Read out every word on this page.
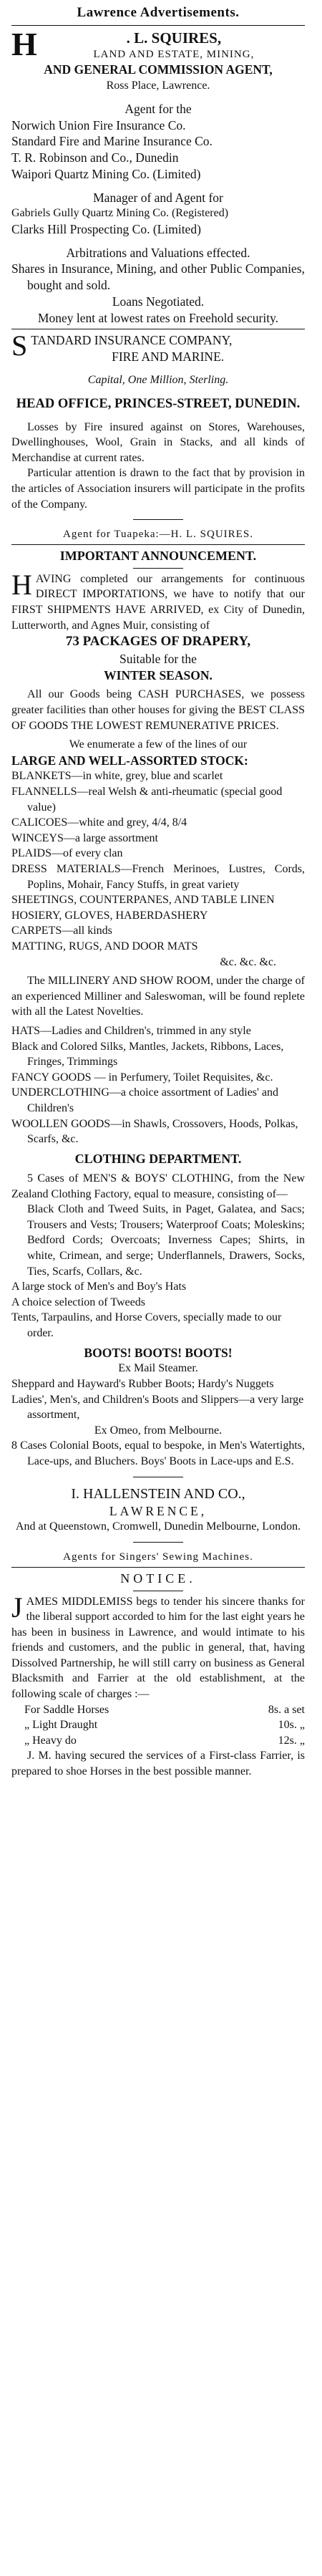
Lawrence Advertisements.
H	. L. SQUIRES,
LAND AND ESTATE, MINING,
AND GENERAL COMMISSION AGENT,
Ross Place, Lawrence.
Agent for the
Norwich Union Fire Insurance Co.
Standard Fire and Marine Insurance Co.
T. R. Robinson and Co., Dunedin
Waipori Quartz Mining Co. (Limited)
Manager of and Agent for
Gabriels Gully Quartz Mining Co. (Registered)
Clarks Hill Prospecting Co. (Limited)
Arbitrations and Valuations effected.
Shares in Insurance, Mining, and other Public Companies, bought and sold.
Loans Negotiated.
Money lent at lowest rates on Freehold security.
S TANDARD INSURANCE COMPANY,
FIRE AND MARINE.
Capital, One Million, Sterling.
HEAD OFFICE, PRINCES-STREET, DUNEDIN.
Losses by Fire insured against on Stores, Warehouses, Dwellinghouses, Wool, Grain in Stacks, and all kinds of Merchandise at current rates.
Particular attention is drawn to the fact that by provision in the articles of Association insurers will participate in the profits of the Company.
Agent for Tuapeka:—H. L. SQUIRES.
IMPORTANT ANNOUNCEMENT.
H AVING completed our arrangements for continuous DIRECT IMPORTATIONS, we have to notify that our FIRST SHIPMENTS HAVE ARRIVED, ex City of Dunedin, Lutterworth, and Agnes Muir, consisting of
73 PACKAGES OF DRAPERY,
Suitable for the
WINTER SEASON.
All our Goods being CASH PURCHASES, we possess greater facilities than other houses for giving the BEST CLASS OF GOODS THE LOWEST REMUNERATIVE PRICES.
We enumerate a few of the lines of our
LARGE AND WELL-ASSORTED STOCK:
BLANKETS—in white, grey, blue and scarlet
FLANNELLS—real Welsh & anti-rheumatic (special good value)
CALICOES—white and grey, 4/4, 8/4
WINCEYS—a large assortment
PLAIDS—of every clan
DRESS MATERIALS—French Merinoes, Lustres, Cords, Poplins, Mohair, Fancy Stuffs, in great variety
SHEETINGS, COUNTERPANES, AND TABLE LINEN
HOSIERY, GLOVES, HABERDASHERY
CARPETS—all kinds
MATTING, RUGS, AND DOOR MATS
&c. &c. &c.
The MILLINERY AND SHOW ROOM, under the charge of an experienced Milliner and Saleswoman, will be found replete with all the Latest Novelties.
HATS—Ladies and Children's, trimmed in any style
Black and Colored Silks, Mantles, Jackets, Ribbons, Laces, Fringes, Trimmings
FANCY GOODS — in Perfumery, Toilet Requisites, &c.
UNDERCLOTHING—a choice assortment of Ladies' and Children's
WOOLLEN GOODS—in Shawls, Crossovers, Hoods, Polkas, Scarfs, &c.
CLOTHING DEPARTMENT.
5 Cases of MEN'S & BOYS' CLOTHING, from the New Zealand Clothing Factory, equal to measure, consisting of—
Black Cloth and Tweed Suits, in Paget, Galatea, and Sacs; Trousers and Vests; Trousers; Waterproof Coats; Moleskins; Bedford Cords; Overcoats; Inverness Capes; Shirts, in white, Crimean, and serge; Underflannels, Drawers, Socks, Ties, Scarfs, Collars, &c.
A large stock of Men's and Boy's Hats
A choice selection of Tweeds
Tents, Tarpaulins, and Horse Covers, specially made to our order.
BOOTS! BOOTS! BOOTS!
Ex Mail Steamer.
Sheppard and Hayward's Rubber Boots; Hardy's Nuggets
Ladies', Men's, and Children's Boots and Slippers—a very large assortment,
Ex Omeo, from Melbourne.
8 Cases Colonial Boots, equal to bespoke, in Men's Watertights, Lace-ups, and Bluchers. Boys' Boots in Lace-ups and E.S.
I. HALLENSTEIN AND CO.,
LAWRENCE,
And at Queenstown, Cromwell, Dunedin Melbourne, London.
Agents for Singers' Sewing Machines.
NOTICE.
J AMES MIDDLEMISS begs to tender his sincere thanks for the liberal support accorded to him for the last eight years he has been in business in Lawrence, and would intimate to his friends and customers, and the public in general, that, having Dissolved Partnership, he will still carry on business as General Blacksmith and Farrier at the old establishment, at the following scale of charges :—
For Saddle Horses	8s. a set
„ Light Draught	10s. „
„ Heavy do	12s. „
J. M. having secured the services of a First-class Farrier, is prepared to shoe Horses in the best possible manner.
